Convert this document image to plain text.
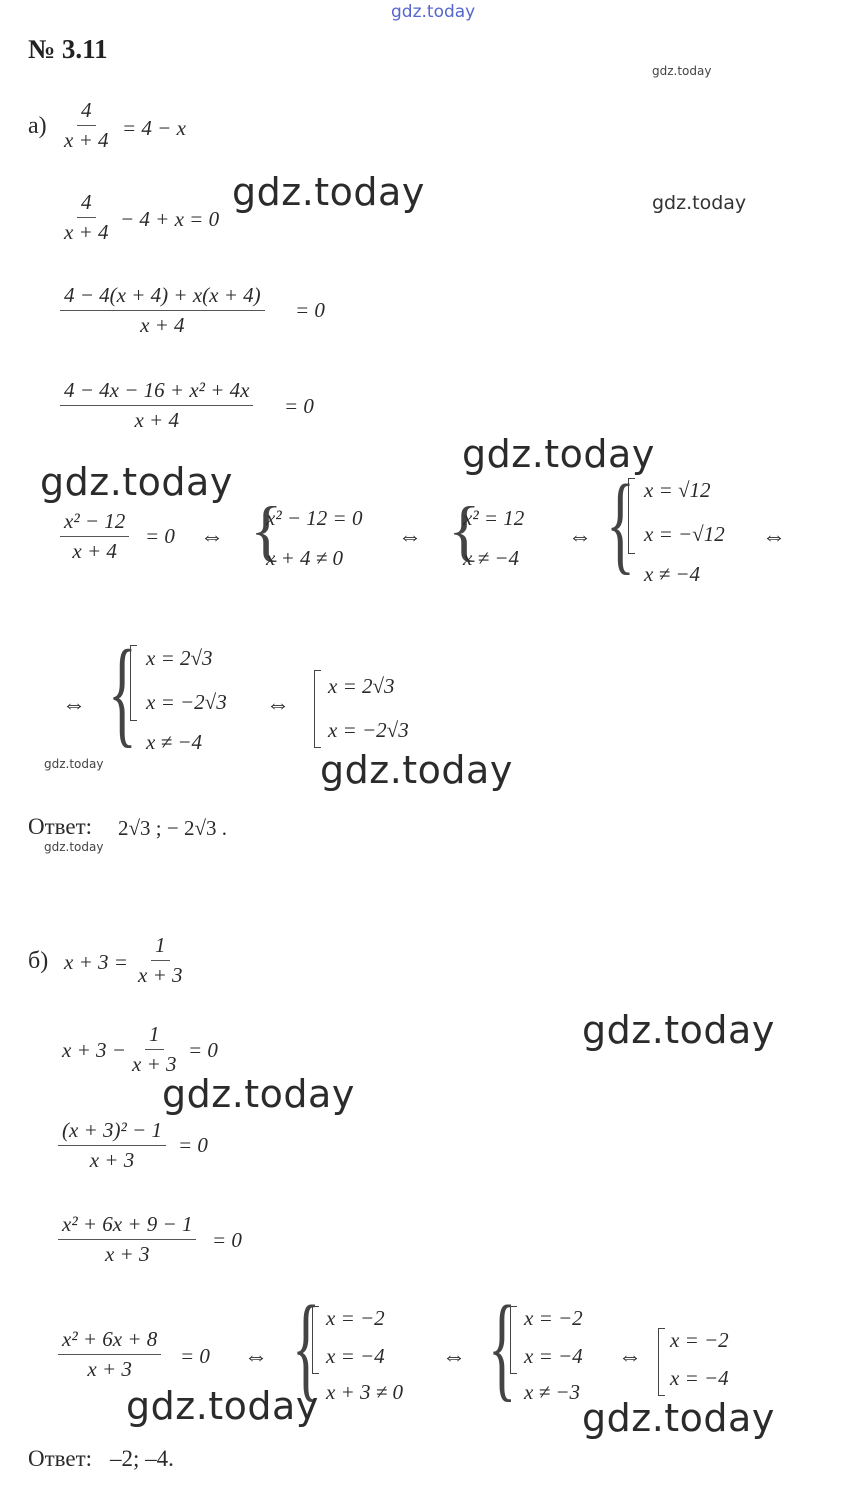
gdz.today
№ 3.11
gdz.today
$а) \frac{4}{x + 4} = 4 - x$
$\frac{4}{x + 4} - 4 + x = 0$
gdz.today	gdz.today
$\frac{4 - 4(x + 4) + x(x + 4)}{x + 4} = 0$
$\frac{\text{4 − 4x − 16 + x² + 4x}}{x + 4} = 0$
gdz.today
gdz.today
$\frac{\text{x² − 12}}{x + 4} = 0$ ⇔ {
x² − 12 = 0
x + 4 ≠ 0
⇔ {
x² = 12
x ≠ −4
⇔ { x = √12
x = −√12
x ≠ −4
⇔
⇔ { x = 2√3
x = −2√3
x ≠ −4
⇔
x = 2√3
x = −2√3
gdz.today	gdz.today
Ответ: 2√3 ; − 2√3 .
gdz.today
б) $x + 3 = \frac{1}{x + 3}$
$x + 3 - \frac{1}{x + 3} = 0$	gdz.today
gdz.today
$\frac{\text{(x + 3)² − 1}}{x + 3} = 0$
$\frac{\text{x² + 6x + 9 − 1}}{x + 3} = 0$
$\frac{\text{x² + 6x + 8}}{x + 3} = 0$ ⇔ { x = −2
x = −4
x + 3 ≠ 0
⇔ { x = −2
x = −4
x ≠ −3
⇔
x = −2
x = −4
gdz.today	gdz.today
Ответ: –2; –4.
